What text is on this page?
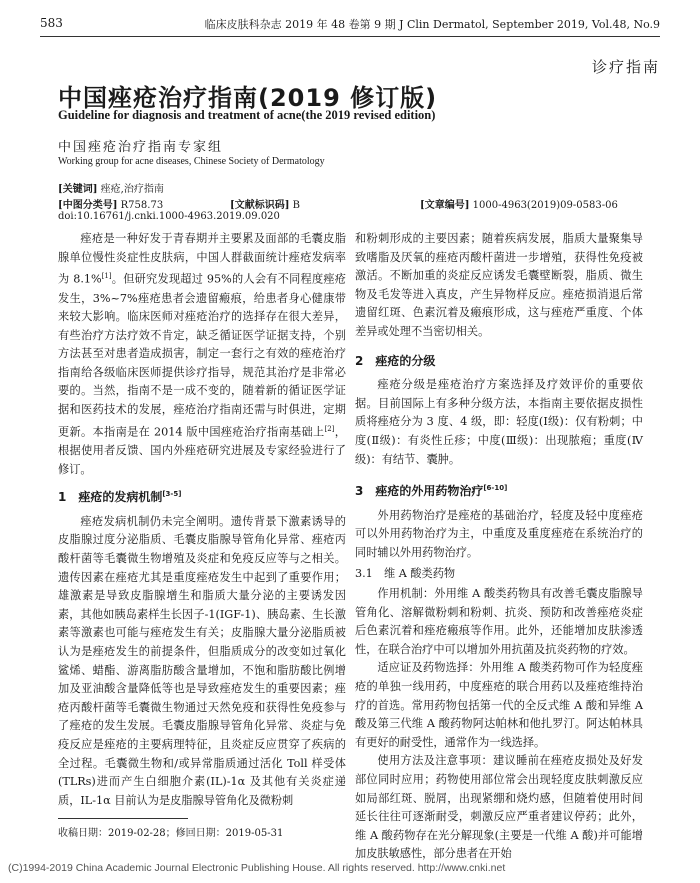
583	临床皮肤科杂志 2019 年 48 卷第 9 期 J Clin Dermatol, September 2019, Vol.48, No.9
诊疗指南
中国痤疮治疗指南(2019 修订版)
Guideline for diagnosis and treatment of acne(the 2019 revised edition)
中国痤疮治疗指南专家组
Working group for acne diseases, Chinese Society of Dermatology
[关键词] 痤疮,治疗指南
[中图分类号] R758.73	[文献标识码] B	[文章编号] 1000-4963(2019)09-0583-06
doi:10.16761/j.cnki.1000-4963.2019.09.020

痤疮是一种好发于青春期并主要累及面部的毛囊皮脂腺单位慢性炎症性皮肤病，中国人群截面统计痤疮发病率为 8.1%[1]。但研究发现超过 95%的人会有不同程度痤疮发生，3%~7%痤疮患者会遗留瘢痕，给患者身心健康带来较大影响。临床医师对痤疮治疗的选择存在很大差异，有些治疗方法疗效不肯定，缺乏循证医学证据支持，个别方法甚至对患者造成损害，制定一套行之有效的痤疮治疗指南给各级临床医师提供诊疗指导，规范其治疗是非常必要的。当然，指南不是一成不变的，随着新的循证医学证据和医药技术的发展，痤疮治疗指南还需与时俱进，定期更新。本指南是在 2014 版中国痤疮治疗指南基础上[2]，根据使用者反馈、国内外痤疮研究进展及专家经验进行了修订。

1　痤疮的发病机制[3-5]

痤疮发病机制仍未完全阐明。遗传背景下激素诱导的皮脂腺过度分泌脂质、毛囊皮脂腺导管角化异常、痤疮丙酸杆菌等毛囊微生物增殖及炎症和免疫反应等与之相关。遗传因素在痤疮尤其是重度痤疮发生中起到了重要作用；雄激素是导致皮脂腺增生和脂质大量分泌的主要诱发因素，其他如胰岛素样生长因子-1(IGF-1)、胰岛素、生长激素等激素也可能与痤疮发生有关；皮脂腺大量分泌脂质被认为是痤疮发生的前提条件，但脂质成分的改变如过氧化鲨烯、蜡酯、游离脂肪酸含量增加，不饱和脂肪酸比例增加及亚油酸含量降低等也是导致痤疮发生的重要因素；痤疮丙酸杆菌等毛囊微生物通过天然免疫和获得性免疫参与了痤疮的发生发展。毛囊皮脂腺导管角化异常、炎症与免疫反应是痤疮的主要病理特征，且炎症反应贯穿了疾病的全过程。毛囊微生物和/或异常脂质通过活化 Toll 样受体(TLRs)进而产生白细胞介素(IL)-1α 及其他有关炎症递质，IL-1α 目前认为是皮脂腺导管角化及微粉刺

和粉刺形成的主要因素；随着疾病发展，脂质大量聚集导致嗜脂及厌氧的痤疮丙酸杆菌进一步增殖，获得性免疫被激活。不断加重的炎症反应诱发毛囊壁断裂，脂质、微生物及毛发等进入真皮，产生异物样反应。痤疮损消退后常遗留红斑、色素沉着及瘢痕形成，这与痤疮严重度、个体差异或处理不当密切相关。

2　痤疮的分级

痤疮分级是痤疮治疗方案选择及疗效评价的重要依据。目前国际上有多种分级方法，本指南主要依据皮损性质将痤疮分为 3 度、4 级，即：轻度(Ⅰ级)：仅有粉刺；中度(Ⅱ级)：有炎性丘疹；中度(Ⅲ级)：出现脓疱；重度(Ⅳ级)：有结节、囊肿。

3　痤疮的外用药物治疗[6-10]

外用药物治疗是痤疮的基础治疗，轻度及轻中度痤疮可以外用药物治疗为主，中重度及重度痤疮在系统治疗的同时辅以外用药物治疗。

3.1　维 A 酸类药物

作用机制：外用维 A 酸类药物具有改善毛囊皮脂腺导管角化、溶解微粉刺和粉刺、抗炎、预防和改善痤疮炎症后色素沉着和痤疮瘢痕等作用。此外，还能增加皮肤渗透性，在联合治疗中可以增加外用抗菌及抗炎药物的疗效。

适应证及药物选择：外用维 A 酸类药物可作为轻度痤疮的单独一线用药，中度痤疮的联合用药以及痤疮维持治疗的首选。常用药物包括第一代的全反式维 A 酸和异维 A 酸及第三代维 A 酸药物阿达帕林和他扎罗汀。阿达帕林具有更好的耐受性，通常作为一线选择。

使用方法及注意事项：建议睡前在痤疮皮损处及好发部位同时应用；药物使用部位常会出现轻度皮肤刺激反应如局部红斑、脱屑，出现紧绷和烧灼感，但随着使用时间延长往往可逐渐耐受，刺激反应严重者建议停药；此外，维 A 酸药物存在光分解现象(主要是一代维 A 酸)并可能增加皮肤敏感性，部分患者在开始

收稿日期：2019-02-28；修回日期：2019-05-31
(C)1994-2019 China Academic Journal Electronic Publishing House. All rights reserved. http://www.cnki.net
